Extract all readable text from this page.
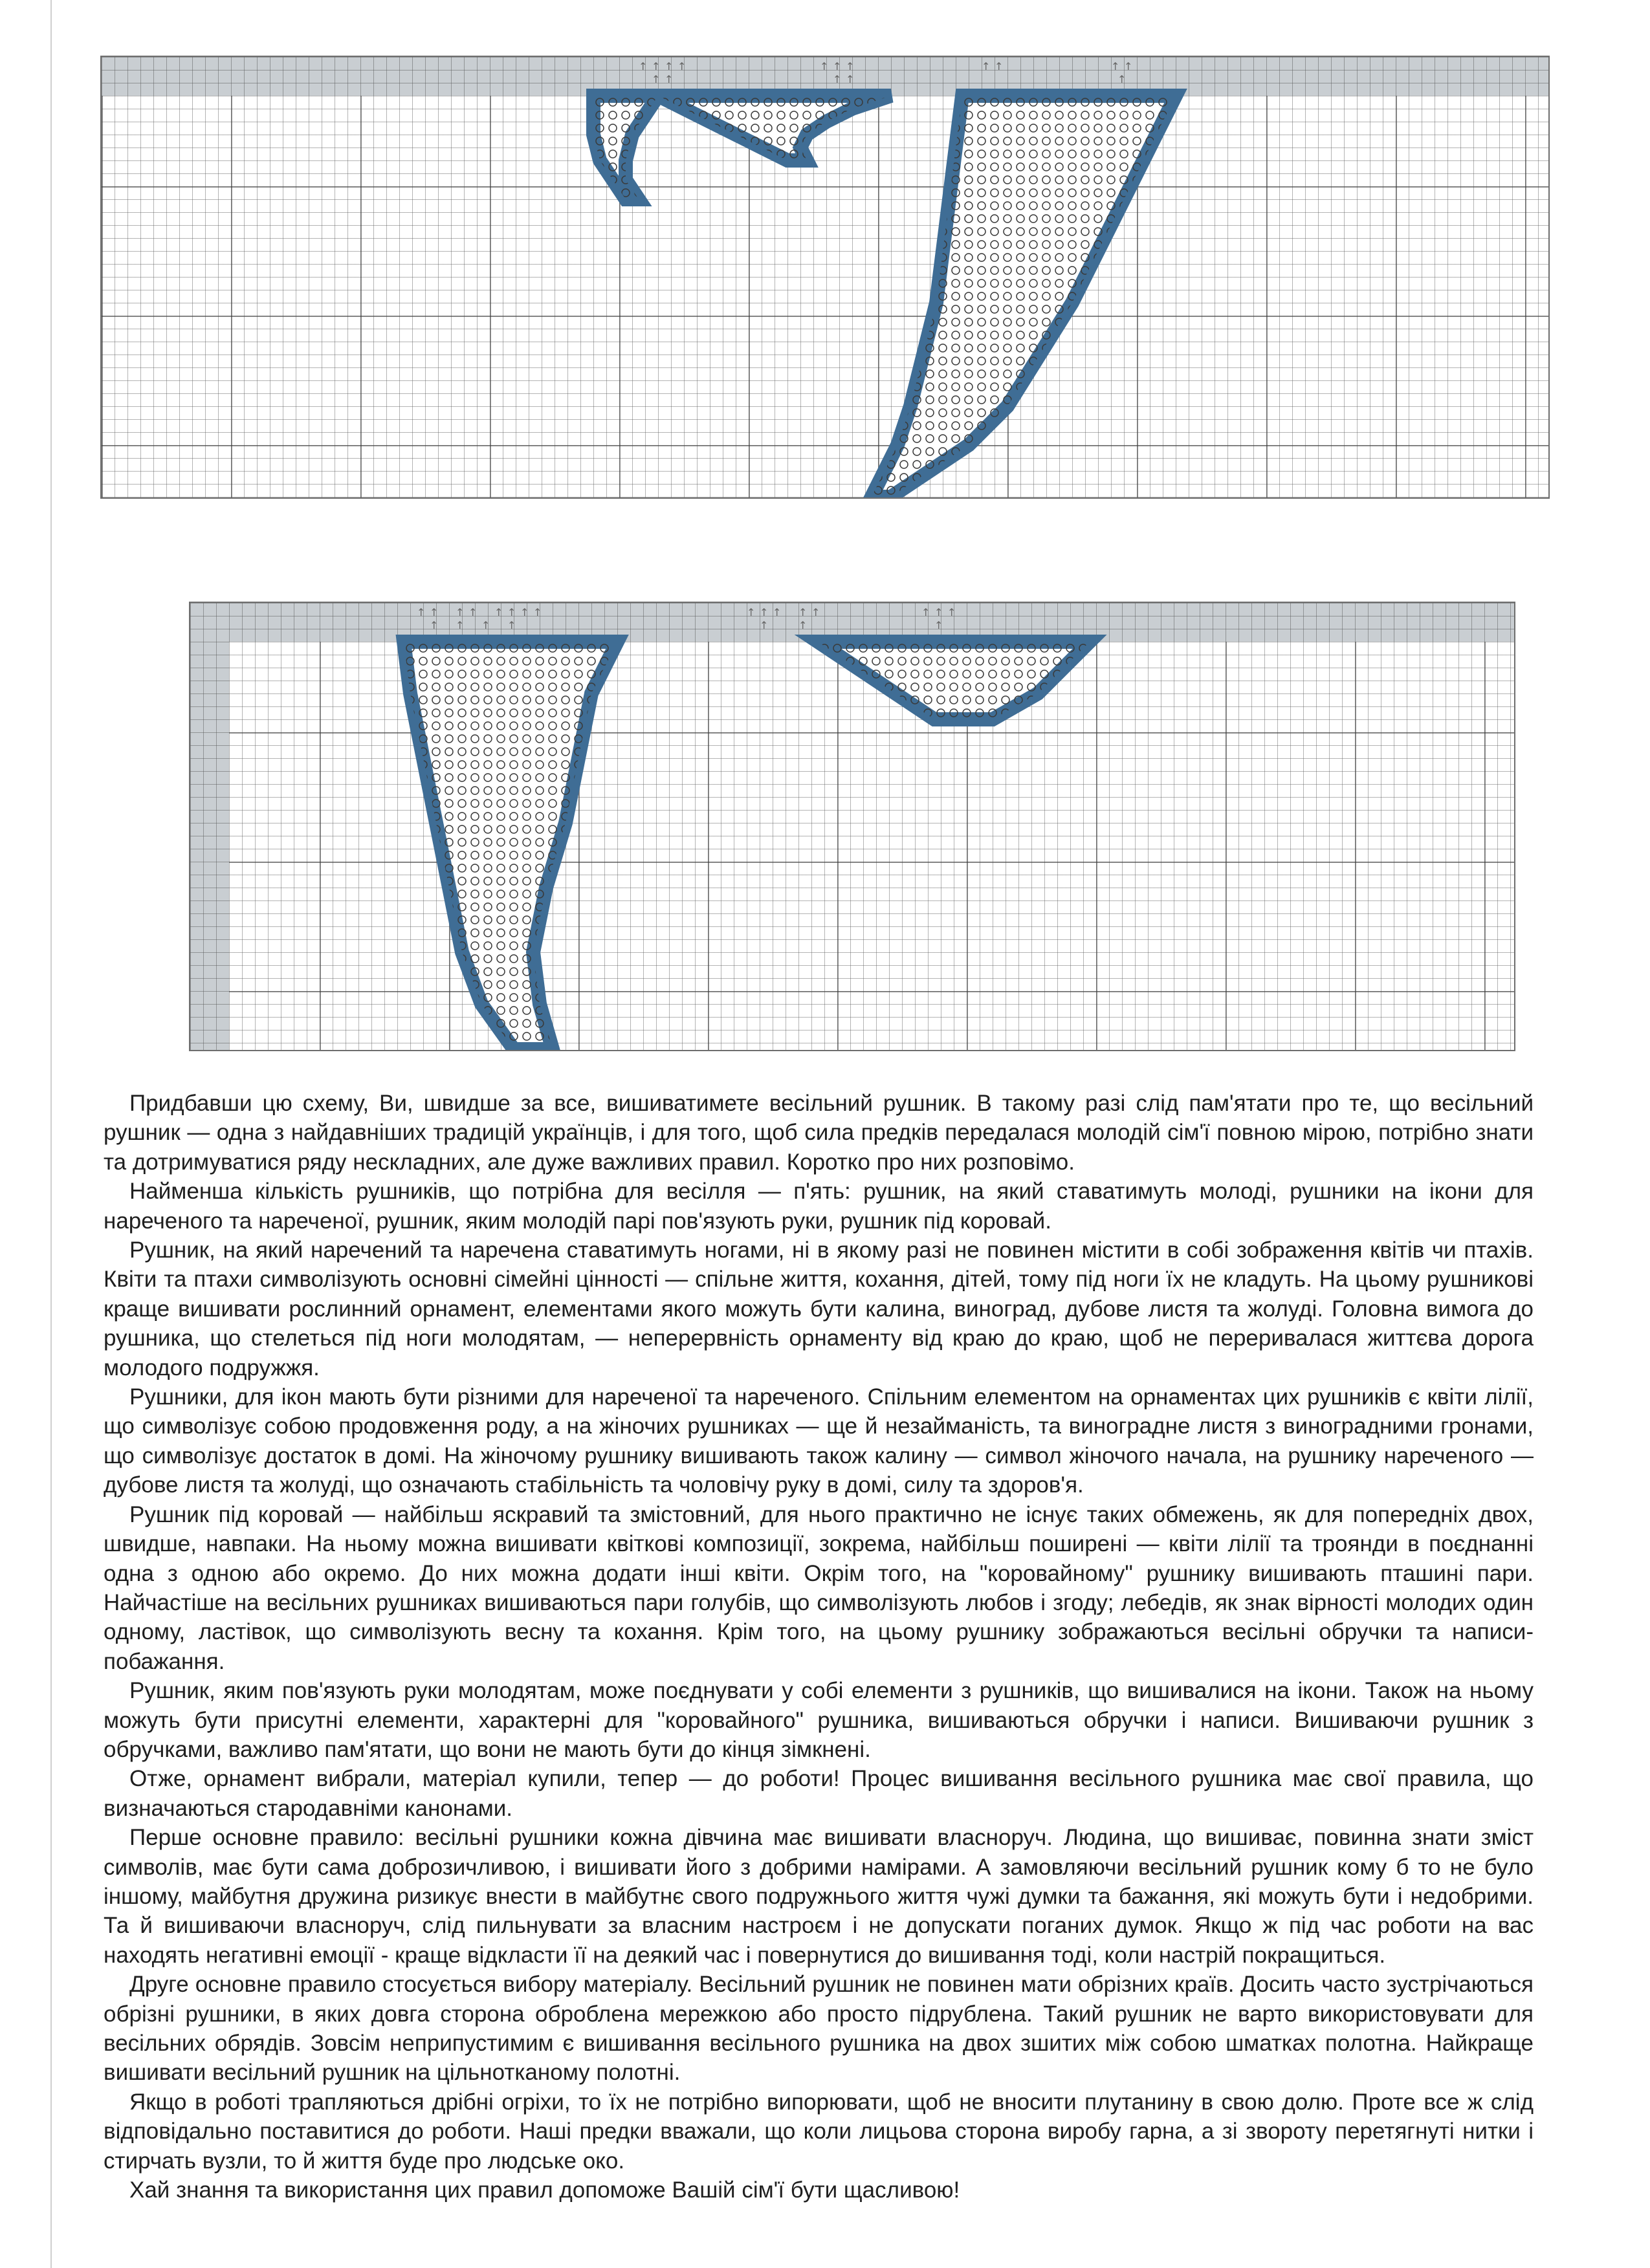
↑ ↑ ↑ ↑	↑ ↑ ↑	↑ ↑	↑ ↑
↑ ↑	↑ ↑	↑
↑ ↑ ↑ ↑ ↑ ↑ ↑ ↑	↑ ↑ ↑ ↑ ↑	↑ ↑ ↑
↑ ↑ ↑ ↑	↑	↑	↑

Придбавши цю схему, Ви, швидше за все, вишиватимете весільний рушник. В такому разі слід пам'ятати про те, що весільний рушник — одна з найдавніших традицій українців, і для того, щоб сила предків передалася молодій сім'ї повною мірою, потрібно знати та дотримуватися ряду нескладних, але дуже важливих правил. Коротко про них розповімо.

Найменша кількість рушників, що потрібна для весілля — п'ять: рушник, на який ставатимуть молоді, рушники на ікони для нареченого та нареченої, рушник, яким молодій парі пов'язують руки, рушник під коровай.

Рушник, на який наречений та наречена ставатимуть ногами, ні в якому разі не повинен містити в собі зображення квітів чи птахів. Квіти та птахи символізують основні сімейні цінності — спільне життя, кохання, дітей, тому під ноги їх не кладуть. На цьому рушникові краще вишивати рослинний орнамент, елементами якого можуть бути калина, виноград, дубове листя та жолуді. Головна вимога до рушника, що стелеться під ноги молодятам, — неперервність орнаменту від краю до краю, щоб не переривалася життєва дорога молодого подружжя.

Рушники, для ікон мають бути різними для нареченої та нареченого. Спільним елементом на орнаментах цих рушників є квіти лілії, що символізує собою продовження роду, а на жіночих рушниках — ще й незайманість, та виноградне листя з виноградними гронами, що символізує достаток в домі. На жіночому рушнику вишивають також калину — символ жіночого начала, на рушнику нареченого — дубове листя та жолуді, що означають стабільність та чоловічу руку в домі, силу та здоров'я.

Рушник під коровай — найбільш яскравий та змістовний, для нього практично не існує таких обмежень, як для попередніх двох, швидше, навпаки. На ньому можна вишивати квіткові композиції, зокрема, найбільш поширені — квіти лілії та троянди в поєднанні одна з одною або окремо. До них можна додати інші квіти. Окрім того, на "коровайному" рушнику вишивають пташині пари. Найчастіше на весільних рушниках вишиваються пари голубів, що символізують любов і згоду; лебедів, як знак вірності молодих один одному, ластівок, що символізують весну та кохання. Крім того, на цьому рушнику зображаються весільні обручки та написи-побажання.

Рушник, яким пов'язують руки молодятам, може поєднувати у собі елементи з рушників, що вишивалися на ікони. Також на ньому можуть бути присутні елементи, характерні для "коровайного" рушника, вишиваються обручки і написи. Вишиваючи рушник з обручками, важливо пам'ятати, що вони не мають бути до кінця зімкнені.

Отже, орнамент вибрали, матеріал купили, тепер — до роботи! Процес вишивання весільного рушника має свої правила, що визначаються стародавніми канонами.

Перше основне правило: весільні рушники кожна дівчина має вишивати власноруч. Людина, що вишиває, повинна знати зміст символів, має бути сама доброзичливою, і вишивати його з добрими намірами. А замовляючи весільний рушник кому б то не було іншому, майбутня дружина ризикує внести в майбутнє свого подружнього життя чужі думки та бажання, які можуть бути і недобрими. Та й вишиваючи власноруч, слід пильнувати за власним настроєм і не допускати поганих думок. Якщо ж під час роботи на вас находять негативні емоції - краще відкласти її на деякий час і повернутися до вишивання тоді, коли настрій покращиться.

Друге основне правило стосується вибору матеріалу. Весільний рушник не повинен мати обрізних країв. Досить часто зустрічаються обрізні рушники, в яких довга сторона оброблена мережкою або просто підрублена. Такий рушник не варто використовувати для весільних обрядів. Зовсім неприпустимим є вишивання весільного рушника на двох зшитих між собою шматках полотна. Найкраще вишивати весільний рушник на цільнотканому полотні.

Якщо в роботі трапляються дрібні огріхи, то їх не потрібно випорювати, щоб не вносити плутанину в свою долю. Проте все ж слід відповідально поставитися до роботи. Наші предки вважали, що коли лицьова сторона виробу гарна, а зі звороту перетягнуті нитки і стирчать вузли, то й життя буде про людське око.

Хай знання та використання цих правил допоможе Вашій сім'ї бути щасливою!
